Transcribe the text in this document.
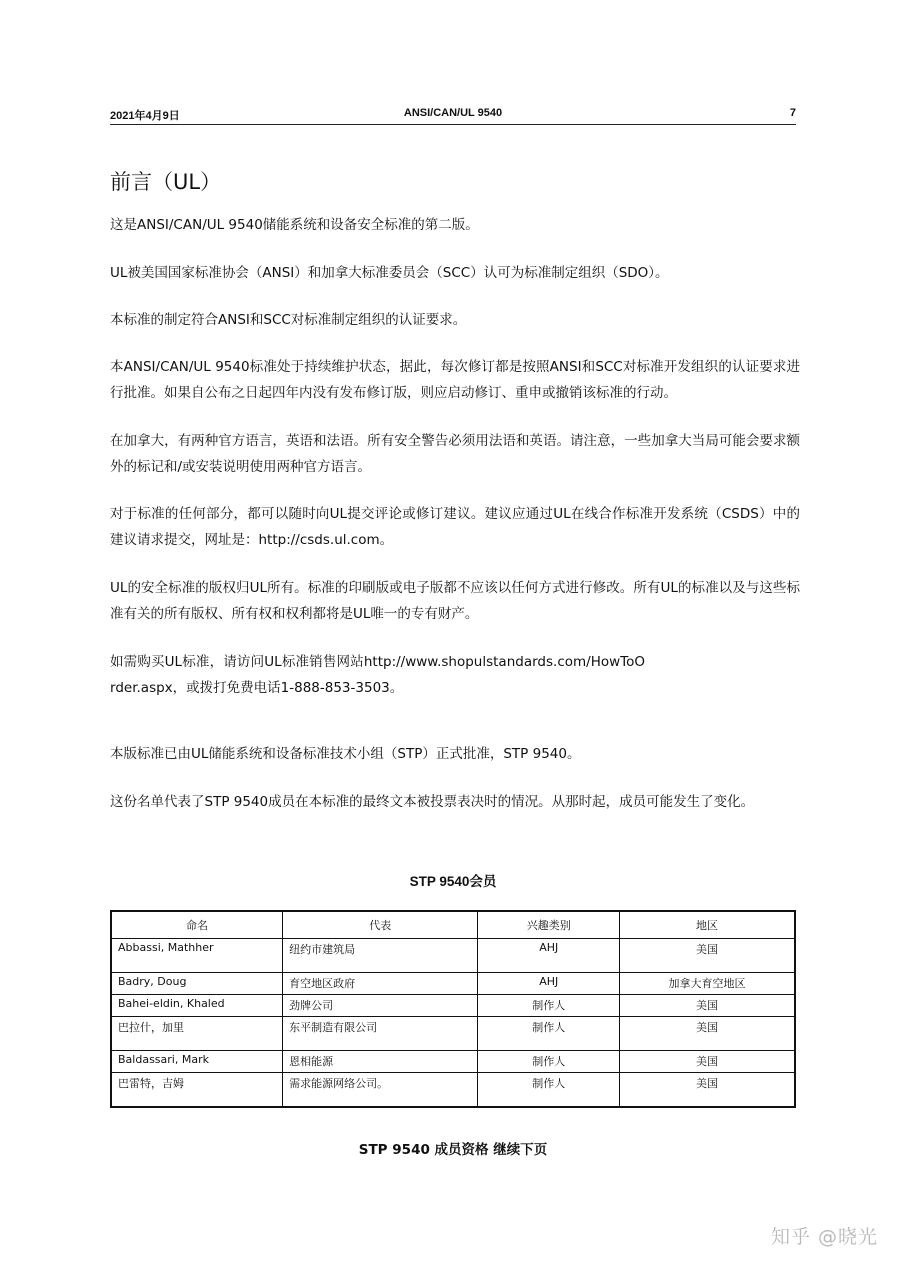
2021年4月9日	ANSI/CAN/UL 9540	7
前言（UL）

这是ANSI/CAN/UL 9540储能系统和设备安全标准的第二版。

UL被美国国家标准协会（ANSI）和加拿大标准委员会（SCC）认可为标准制定组织（SDO）。

本标准的制定符合ANSI和SCC对标准制定组织的认证要求。

本ANSI/CAN/UL 9540标准处于持续维护状态，据此，每次修订都是按照ANSI和SCC对标准开发组织的认证要求进行批准。如果自公布之日起四年内没有发布修订版，则应启动修订、重申或撤销该标准的行动。

在加拿大，有两种官方语言，英语和法语。所有安全警告必须用法语和英语。请注意，一些加拿大当局可能会要求额外的标记和/或安装说明使用两种官方语言。

对于标准的任何部分，都可以随时向UL提交评论或修订建议。建议应通过UL在线合作标准开发系统（CSDS）中的建议请求提交，网址是：http://csds.ul.com。

UL的安全标准的版权归UL所有。标准的印刷版或电子版都不应该以任何方式进行修改。所有UL的标准以及与这些标准有关的所有版权、所有权和权利都将是UL唯一的专有财产。

如需购买UL标准，请访问UL标准销售网站http://www.shopulstandards.com/HowToOrder.aspx，或拨打免费电话1-888-853-3503。

本版标准已由UL储能系统和设备标准技术小组（STP）正式批准，STP 9540。

这份名单代表了STP 9540成员在本标准的最终文本被投票表决时的情况。从那时起，成员可能发生了变化。

STP 9540会员
命名	代表	兴趣类别	地区
Abbassi, Mathher	纽约市建筑局	AHJ	美国
Badry, Doug	育空地区政府	AHJ	加拿大育空地区
Bahei-eldin, Khaled	劲牌公司	制作人	美国
巴拉什，加里	东平制造有限公司	制作人	美国
Baldassari, Mark	恩相能源	制作人	美国
巴雷特，吉姆	需求能源网络公司。	制作人	美国
STP 9540 成员资格 继续下页
知乎 @晓光
